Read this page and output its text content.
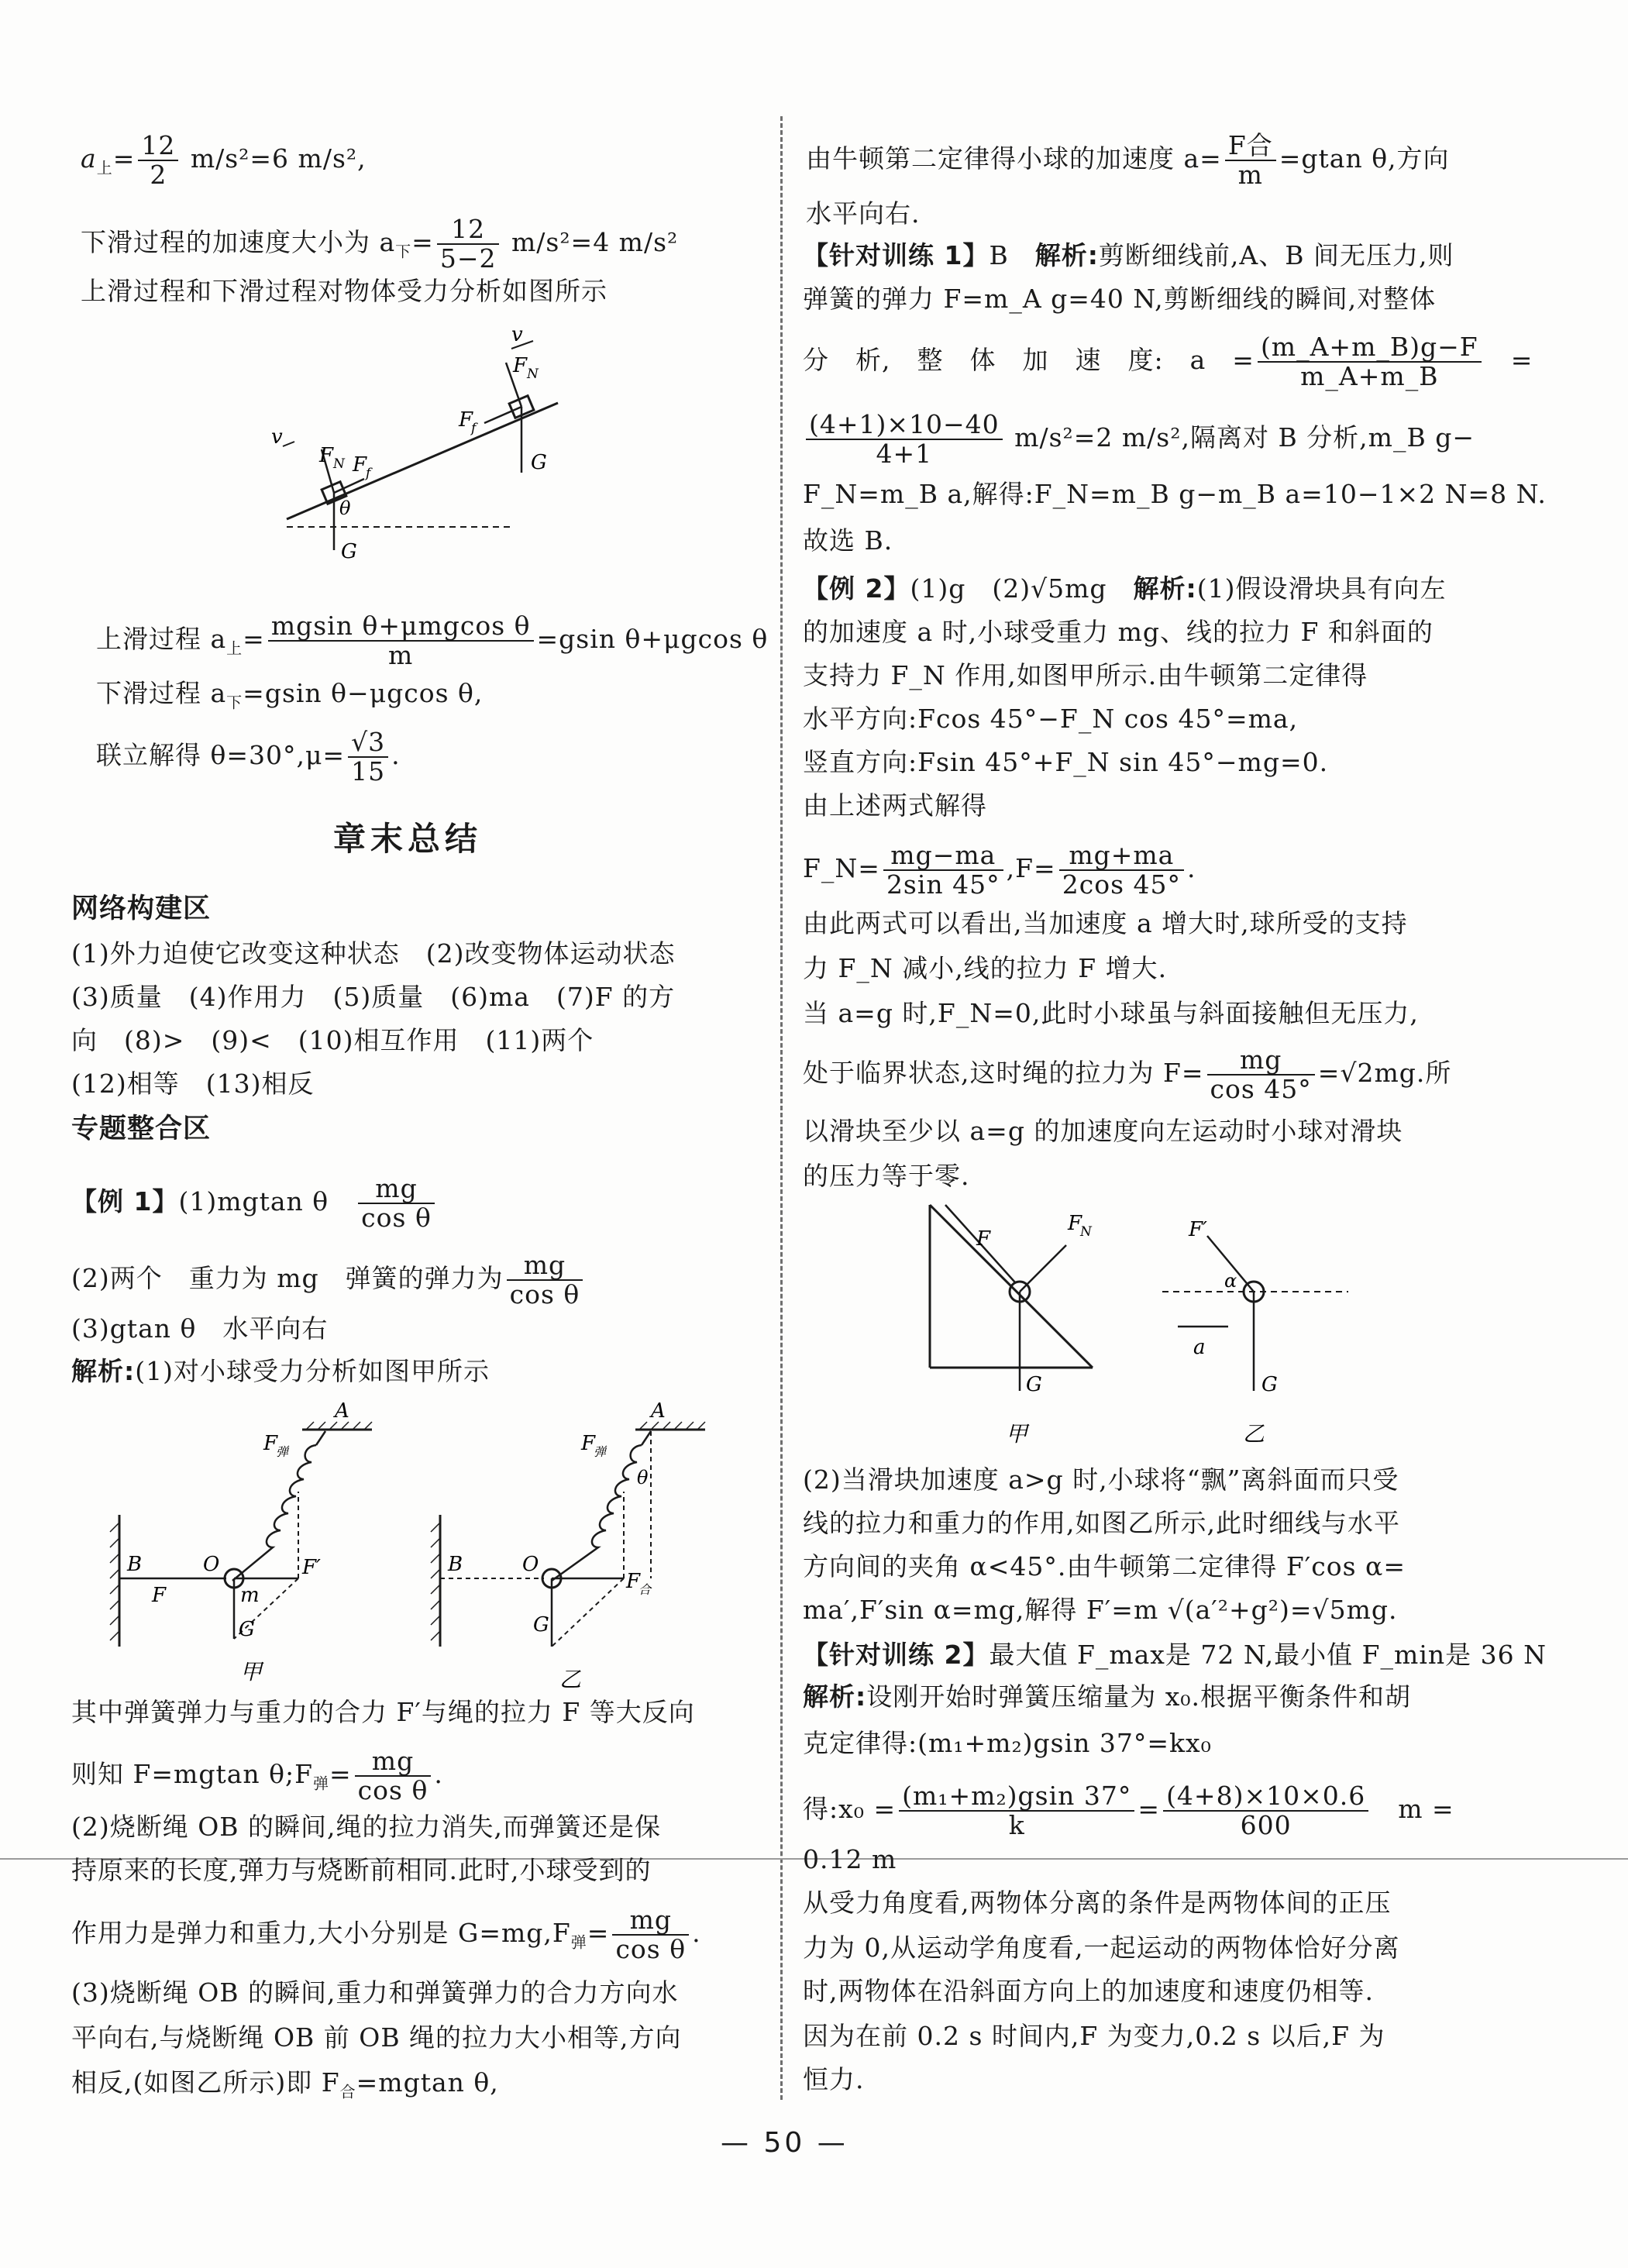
$a_上= \frac{12}{2} m/s^2=6$ m/s²,
下滑过程的加速度大小为 $a_下= \frac{12}{5-2} m/s^2=4$ m/s²
上滑过程和下滑过程对物体受力分析如图所示
v
F N
F
f
G
v
F N F
f
θ
G
上滑过程 $a_上= \frac{\text{mgsin θ+μmgcos θ}}{m} =gsin$ θ+μgcos θ
下滑过程 $a_下=gsin$ θ−μgcos θ,
联立解得 $\theta=30^\circ,\mu= \frac{√3}{15}$ .
章末总结
网络构建区
(1)外力迫使它改变这种状态　(2)改变物体运动状态
(3)质量　(4)作用力　(5)质量　(6)ma　(7)F 的方
向　(8)>　(9)<　(10)相互作用　(11)两个
(12)相等　(13)相反
专题整合区
【例 1】(1)mgtan θ　 $\frac{mg}{\text{cos θ}}$
(2)两个　重力为 mg　弹簧的弹力为 $\frac{mg}{\text{cos θ}}$
(3)gtan θ　水平向右
解析:(1)对小球受力分析如图甲所示
A
F
弹
B	O
F	m
F′
G
甲
A
θ
F
弹
B	O
F
合
G
乙
其中弹簧弹力与重力的合力 F′与绳的拉力 F 等大反向
则知 F=mgtan $\theta;F_弹= \frac{mg}{\text{cos θ}}$ .
(2)烧断绳 OB 的瞬间,绳的拉力消失,而弹簧还是保
持原来的长度,弹力与烧断前相同.此时,小球受到的
作用力是弹力和重力,大小分别是 $G=mg,F_弹= \frac{mg}{\text{cos θ}}$ .
(3)烧断绳 OB 的瞬间,重力和弹簧弹力的合力方向水
平向右,与烧断绳 OB 前 OB 绳的拉力大小相等,方向
相反,(如图乙所示)即 $F_合=mgtan$ θ,
由牛顿第二定律得小球的加速度 $a= \frac{\text{F合}}{m} =gtan$ θ,方向
水平向右.
【针对训练 1】B　解析:剪断细线前,A、B 间无压力,则
弹簧的弹力 F=m_A g=40 N,剪断细线的瞬间,对整体
分　析,　整　体　加　速　度:　a　= $\frac{(m\_A+m\_B)g-F}{m\_A+m\_B}$ 　=
$\frac{(4+1)\times 10-40}{4+1} m/s^2=2$ m/s²,隔离对 B 分析,m_B g−
F_N=m_B a,解得:F_N=m_B g−m_B a=10−1×2 N=8 N.
故选 B.
【例 2】(1)g　(2)√5mg　解析:(1)假设滑块具有向左
的加速度 a 时,小球受重力 mg、线的拉力 F 和斜面的
支持力 F_N 作用,如图甲所示.由牛顿第二定律得
水平方向:Fcos 45°−F_N cos 45°=ma,
竖直方向:Fsin 45°+F_N sin 45°−mg=0.
由上述两式解得
F_N= $\frac{mg-ma}{2\sin 45^\circ} ,F= \frac{mg+ma}{2\cos 45^\circ}$ .
由此两式可以看出,当加速度 a 增大时,球所受的支持
力 F_N 减小,线的拉力 F 增大.
当 a=g 时,F_N=0,此时小球虽与斜面接触但无压力,
处于临界状态,这时绳的拉力为 $F= \frac{mg}{\cos 45^\circ} =√2mg$.所
以滑块至少以 a=g 的加速度向左运动时小球对滑块
的压力等于零.
F
F
N
G
甲
F′
α
a
G
乙
(2)当滑块加速度 a>g 时,小球将“飘”离斜面而只受
线的拉力和重力的作用,如图乙所示,此时细线与水平
方向间的夹角 α<45°.由牛顿第二定律得 F′cos α=
ma′,F′sin α=mg,解得 F′=m √(a′²+g²)=√5mg.
【针对训练 2】最大值 F_max是 72 N,最小值 F_min是 36 N
解析:设刚开始时弹簧压缩量为 x₀.根据平衡条件和胡
克定律得:(m₁+m₂)gsin 37°=kx₀
得:x₀ = $\frac{\text{(m₁+m₂)gsin 37°}}{k} = \frac{(4+8)\times 10\times 0.6}{600}$ 　m =
0.12 m
从受力角度看,两物体分离的条件是两物体间的正压
力为 0,从运动学角度看,一起运动的两物体恰好分离
时,两物体在沿斜面方向上的加速度和速度仍相等.
因为在前 0.2 s 时间内,F 为变力,0.2 s 以后,F 为
恒力.
— 50 —
